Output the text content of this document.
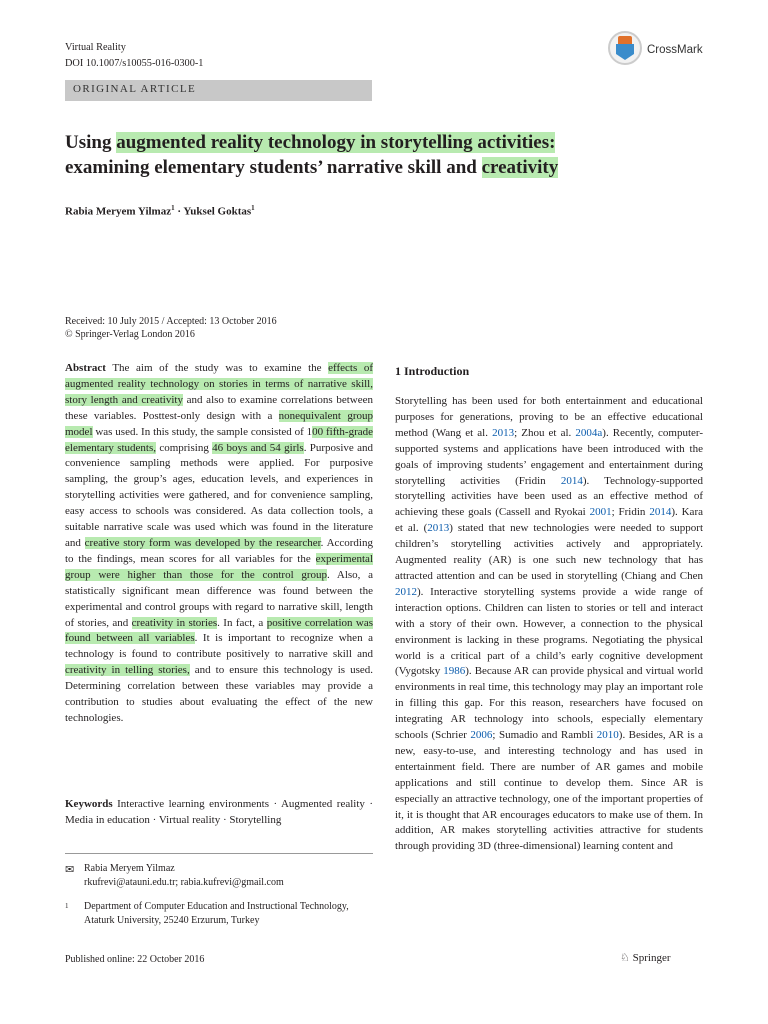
Virtual Reality
DOI 10.1007/s10055-016-0300-1
CrossMark
ORIGINAL ARTICLE
Using augmented reality technology in storytelling activities:
examining elementary students’ narrative skill and creativity
Rabia Meryem Yilmaz$^1$ · Yuksel Goktas$^1$
Received: 10 July 2015 / Accepted: 13 October 2016
© Springer-Verlag London 2016

Abstract The aim of the study was to examine the effects of augmented reality technology on stories in terms of narrative skill, story length and creativity and also to examine correlations between these variables. Posttest-only design with a nonequivalent group model was used. In this study, the sample consisted of 100 fifth-grade elementary students, comprising 46 boys and 54 girls. Purposive and convenience sampling methods were applied. For purposive sampling, the group’s ages, education levels, and experiences in storytelling activities were gathered, and for convenience sampling, easy access to schools was considered. As data collection tools, a suitable narrative scale was used which was found in the literature and creative story form was developed by the researcher. According to the findings, mean scores for all variables for the experimental group were higher than those for the control group. Also, a statistically significant mean difference was found between the experimental and control groups with regard to narrative skill, length of stories, and creativity in stories. In fact, a positive correlation was found between all variables. It is important to recognize when a technology is found to contribute positively to narrative skill and creativity in telling stories, and to ensure this technology is used. Determining correlation between these variables may provide a contribution to studies about evaluating the effect of the new technologies.

Keywords Interactive learning environments · Augmented reality · Media in education · Virtual reality · Storytelling
✉ Rabia Meryem Yilmaz
rkufrevi@atauni.edu.tr; rabia.kufrevi@gmail.com
1 Department of Computer Education and Instructional Technology, Ataturk University, 25240 Erzurum, Turkey
1 Introduction

Storytelling has been used for both entertainment and educational purposes for generations, proving to be an effective educational method (Wang et al. 2013; Zhou et al. 2004a). Recently, computer-supported systems and applications have been introduced with the goals of improving students’ engagement and entertainment during storytelling activities (Fridin 2014). Technology-supported storytelling activities have been used as an effective method of achieving these goals (Cassell and Ryokai 2001; Fridin 2014). Kara et al. (2013) stated that new technologies were needed to support children’s storytelling activities actively and appropriately. Augmented reality (AR) is one such new technology that has attracted attention and can be used in storytelling (Chiang and Chen 2012). Interactive storytelling systems provide a wide range of interaction options. Children can listen to stories or tell and interact with a story of their own. However, a connection to the physical environment is lacking in these programs. Negotiating the physical world is a critical part of a child’s early cognitive development (Vygotsky 1986). Because AR can provide physical and virtual world environments in real time, this technology may play an important role in filling this gap. For this reason, researchers have focused on integrating AR technology into schools, especially elementary schools (Schrier 2006; Sumadio and Rambli 2010). Besides, AR is a new, easy-to-use, and interesting technology and has used in entertainment field. There are number of AR games and mobile applications and still continue to develop them. Since AR is especially an attractive technology, one of the important properties of it, it is thought that AR encourages educators to make use of them. In addition, AR makes storytelling activities attractive for students through providing 3D (three-dimensional) learning content and

Published online: 22 October 2016	♘ Springer
